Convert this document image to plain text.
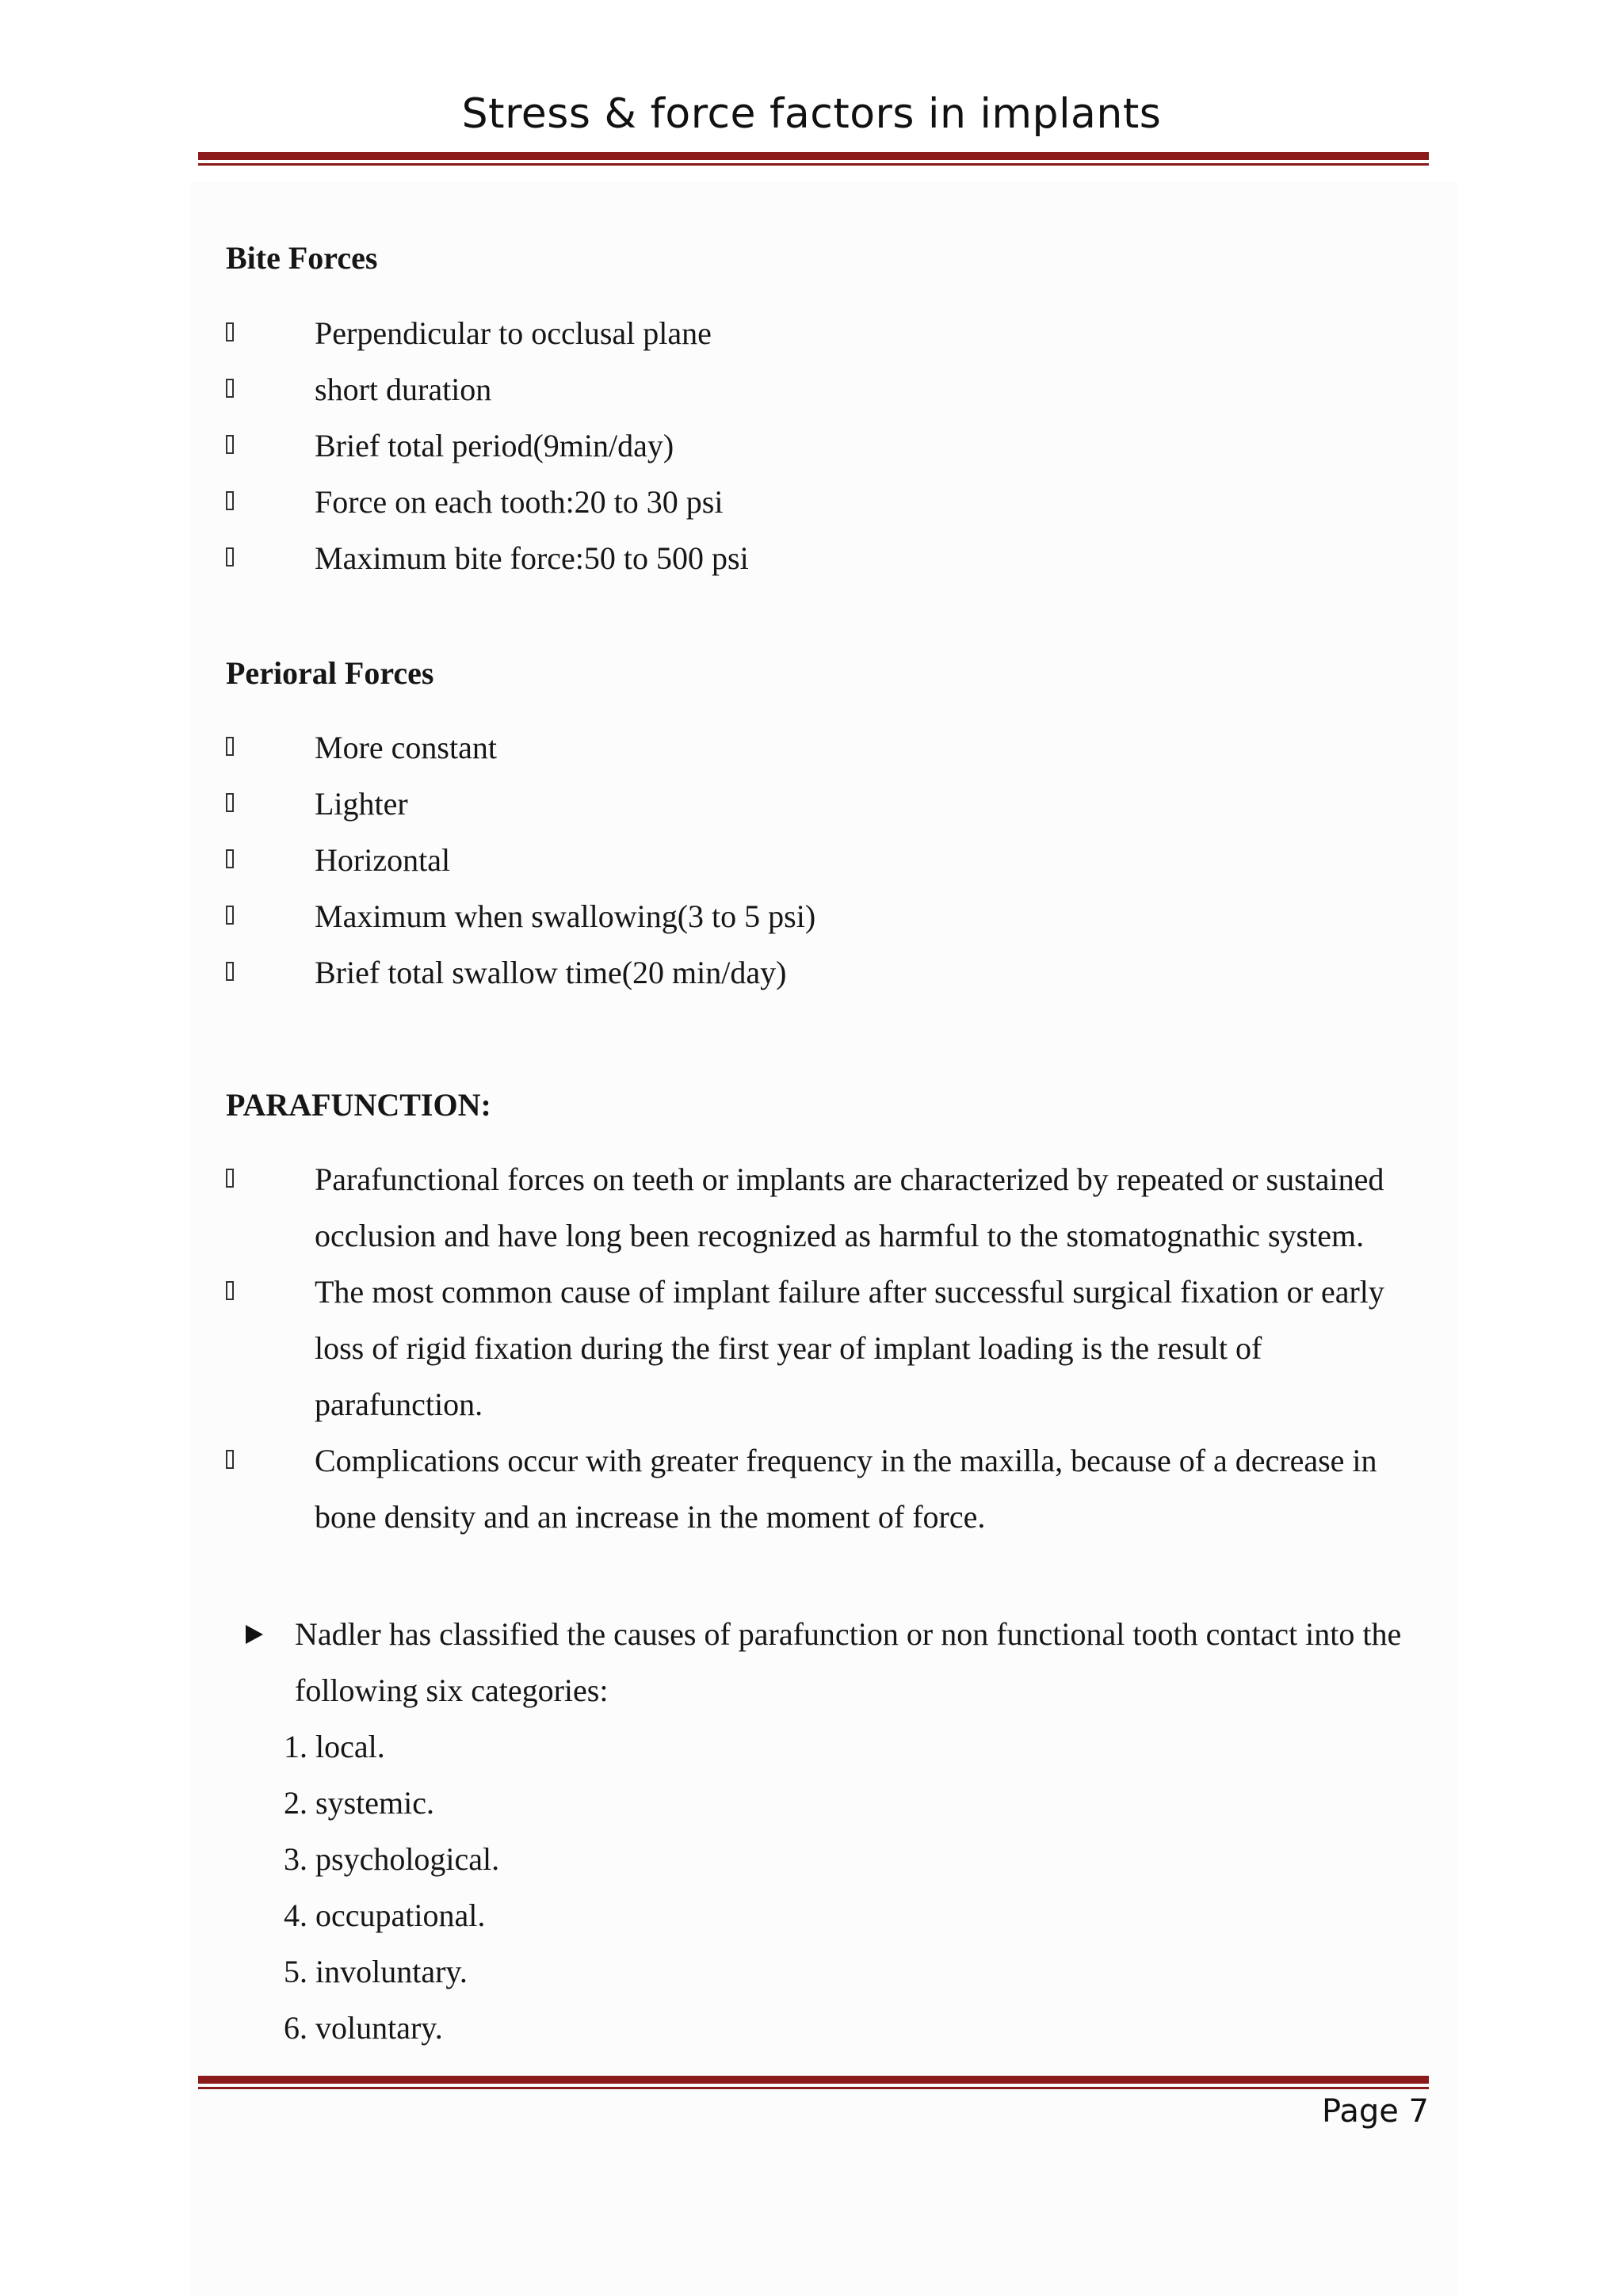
Stress & force factors in implants
Bite Forces
Perpendicular to occlusal plane
short duration
Brief total period(9min/day)
Force on each tooth:20 to 30 psi
Maximum bite force:50 to 500 psi
Perioral Forces
More constant
Lighter
Horizontal
Maximum when swallowing(3 to 5 psi)
Brief total swallow time(20 min/day)
PARAFUNCTION:
Parafunctional forces on teeth or implants are characterized by repeated or sustained occlusion and have long been recognized as harmful to the stomatognathic system.
The most common cause of implant failure after successful surgical fixation or early loss of rigid fixation during the first year of implant loading is the result of parafunction.
Complications occur with greater frequency in the maxilla, because of a decrease in bone density and an increase in the moment of force.

Nadler has classified the causes of parafunction or non functional tooth contact into the following six categories:

1. local.
2. systemic.
3. psychological.
4. occupational.
5. involuntary.
6. voluntary.
Page 7
